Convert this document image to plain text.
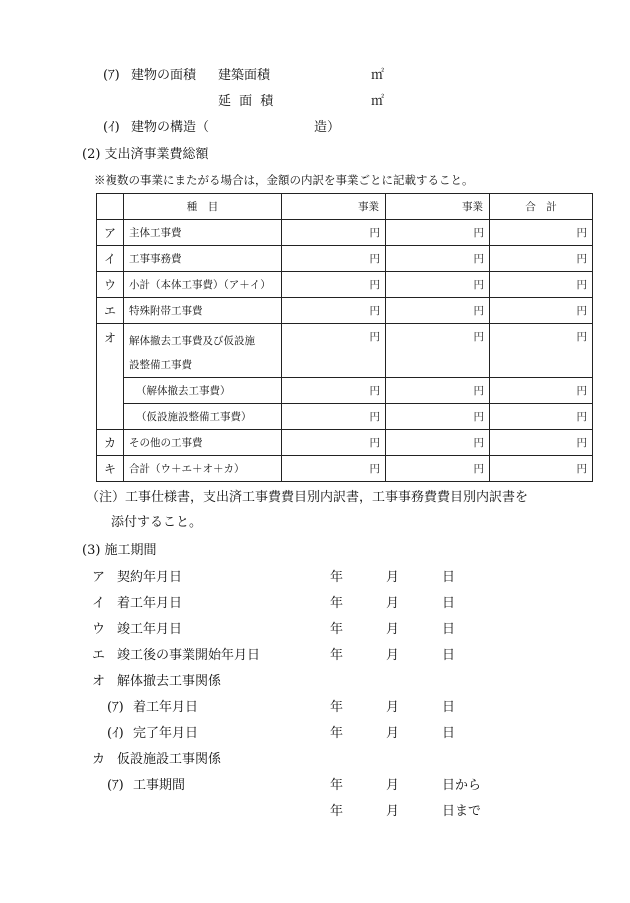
(ｱ) 建物の面積 建築面積	㎡
延 面 積	㎡
(ｲ) 建物の構造（	造）
(2) 支出済事業費総額
※複数の事業にまたがる場合は，金額の内訳を事業ごとに記載すること。
	種　目	事業	事業	合　計
ア	主体工事費	円	円	円
イ	工事事務費	円	円	円
ウ	小計（本体工事費）（ア＋イ）	円	円	円
エ	特殊附帯工事費	円	円	円
オ	解体撤去工事費及び仮設施
設整備工事費	円	円	円
	（解体撤去工事費）	円	円	円
	（仮設施設整備工事費）	円	円	円
カ	その他の工事費	円	円	円
キ	合計（ウ＋エ＋オ＋カ）	円	円	円
（注）工事仕様書，支出済工事費費目別内訳書，工事事務費費目別内訳書を
添付すること。
(3) 施工期間
ア 契約年月日	年	月	日
イ 着工年月日	年	月	日
ウ 竣工年月日	年	月	日
エ 竣工後の事業開始年月日	年	月	日
オ 解体撤去工事関係
(ｱ) 着工年月日	年	月	日
(ｲ) 完了年月日	年	月	日
カ 仮設施設工事関係
(ｱ) 工事期間	年	月	日から
年	月	日まで
